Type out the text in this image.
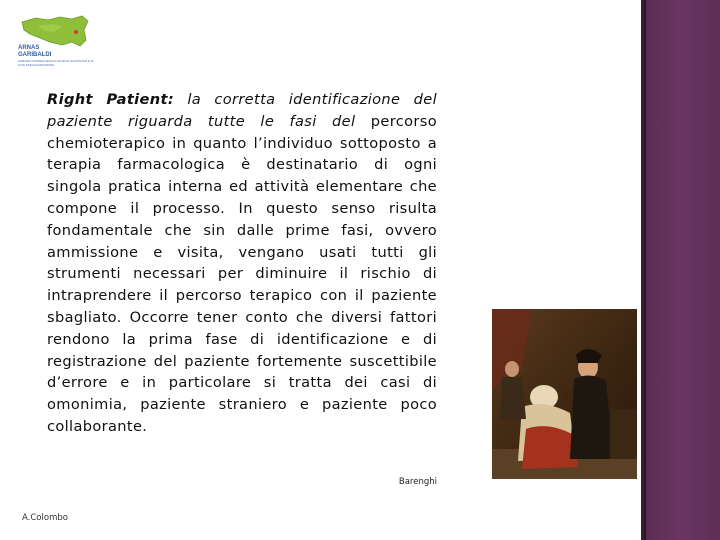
ARNAS
GARIBALDI
AZIENDA OSPEDALIERA DI RILIEVO NAZIONALE E DI ALTA SPECIALIZZAZIONE
Right Patient: la corretta identificazione del paziente riguarda tutte le fasi del percorso chemioterapico in quanto l’individuo sottoposto a terapia farmacologica è destinatario di ogni singola pratica interna ed attività elementare che compone il processo. In questo senso risulta fondamentale che sin dalle prime fasi, ovvero ammissione e visita, vengano usati tutti gli strumenti necessari per diminuire il rischio di intraprendere il percorso terapico con il paziente sbagliato. Occorre tener conto che diversi fattori rendono la prima fase di identificazione e di registrazione del paziente fortemente suscettibile d’errore e in particolare si tratta dei casi di omonimia, paziente straniero e paziente poco collaborante.
Barenghi
A.Colombo
